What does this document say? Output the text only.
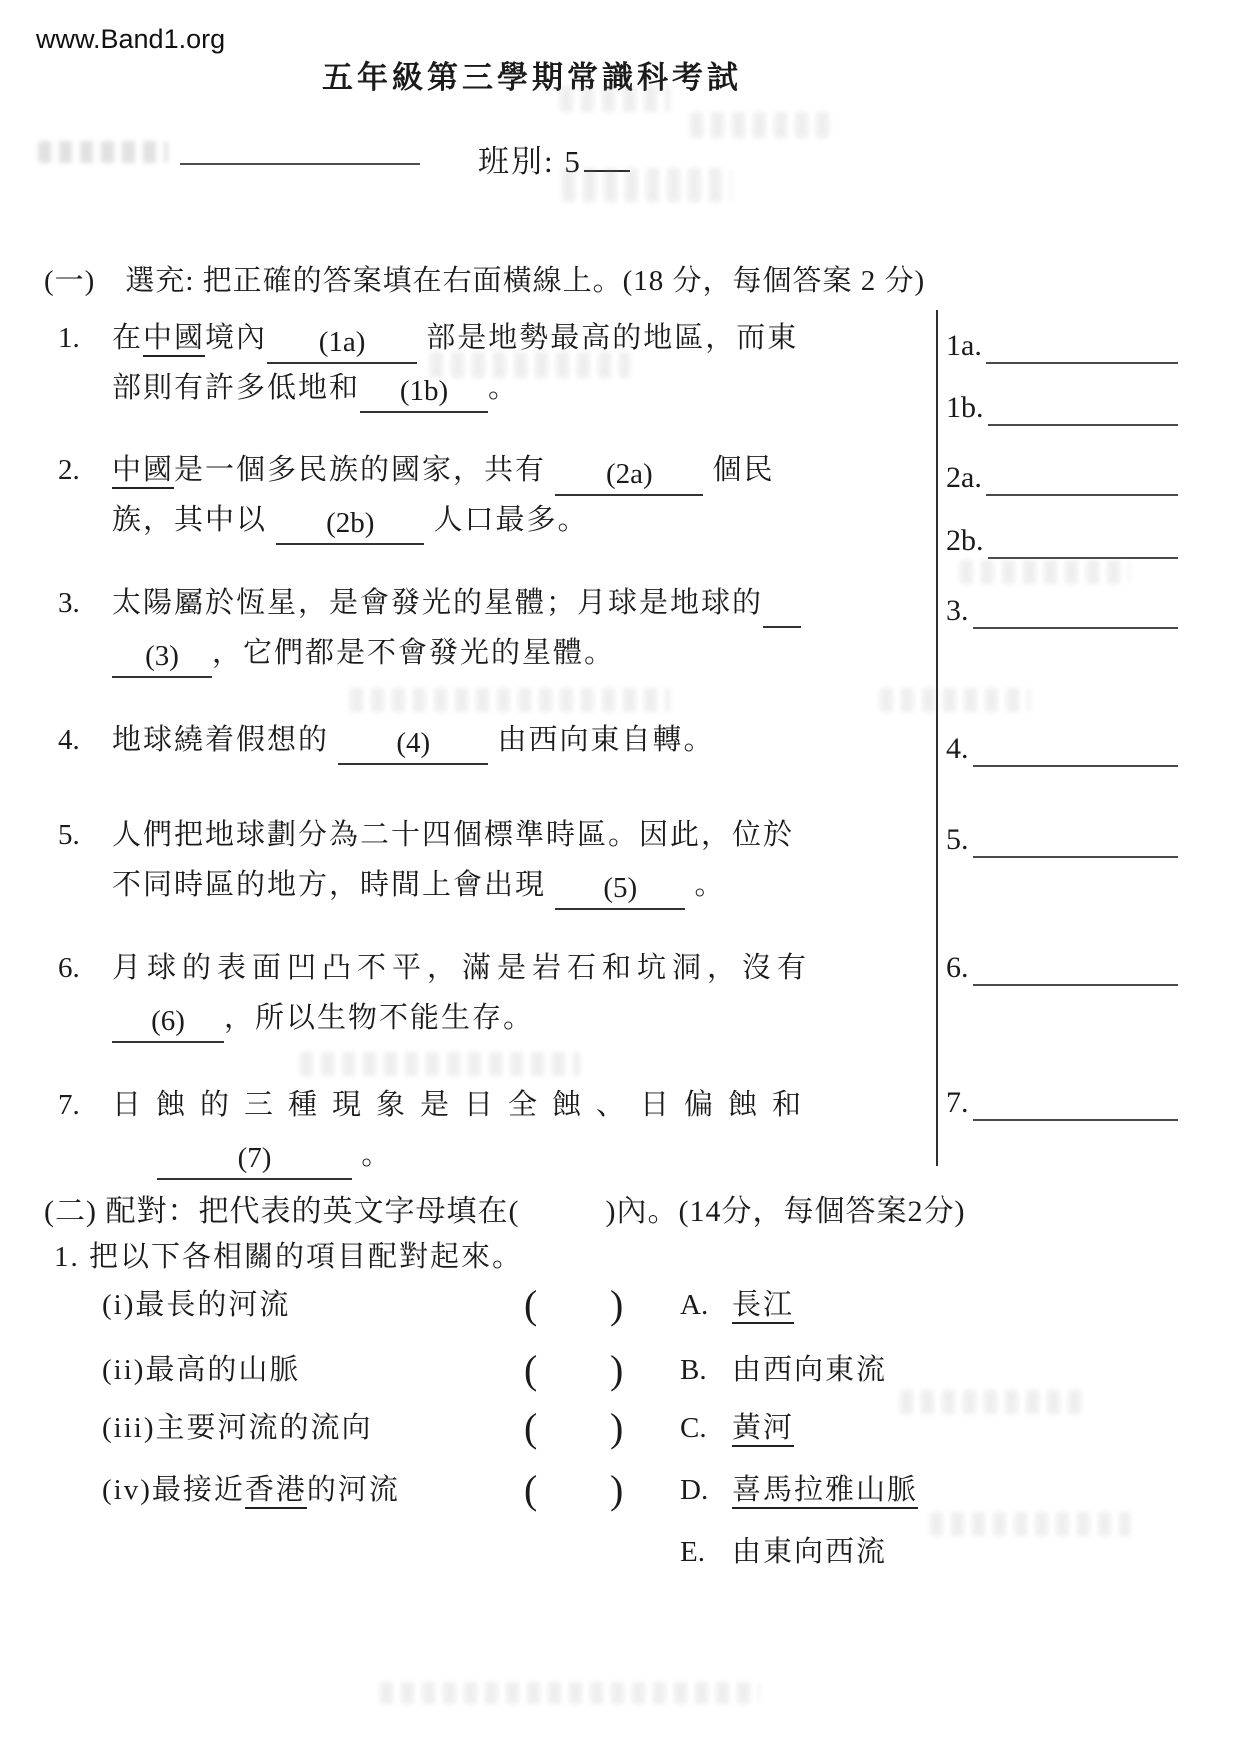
www.Band1.org
五年級第三學期常識科考試
班別: 5
(一)　選充: 把正確的答案填在右面橫線上。(18 分，每個答案 2 分)
1.	在中國境內 (1a) 部是地勢最高的地區，而東
部則有許多低地和 (1b) 。
2.	中國是一個多民族的國家，共有 (2a) 個民
族，其中以 (2b) 人口最多。
3.	太陽屬於恆星，是會發光的星體；月球是地球的
(3) ，它們都是不會發光的星體。
4.	地球繞着假想的 (4) 由西向東自轉。
5.	人們把地球劃分為二十四個標準時區。因此，位於
不同時區的地方，時間上會出現 (5) 。
6.	月球的表面凹凸不平，滿是岩石和坑洞，沒有
(6) ，所以生物不能生存。
7.	日蝕的三種現象是日全蝕、日偏蝕和
(7)	。
1a.
1b.
2a.
2b.
3.
4.
5.
6.
7.
(二) 配對：把代表的英文字母填在(	)內。(14分，每個答案2分)
1. 把以下各相關的項目配對起來。
(i)最長的河流	( ) A. 長江
(ii)最高的山脈	( ) B. 由西向東流
(iii)主要河流的流向	( ) C. 黃河
(iv)最接近香港的河流	( ) D. 喜馬拉雅山脈
E. 由東向西流
